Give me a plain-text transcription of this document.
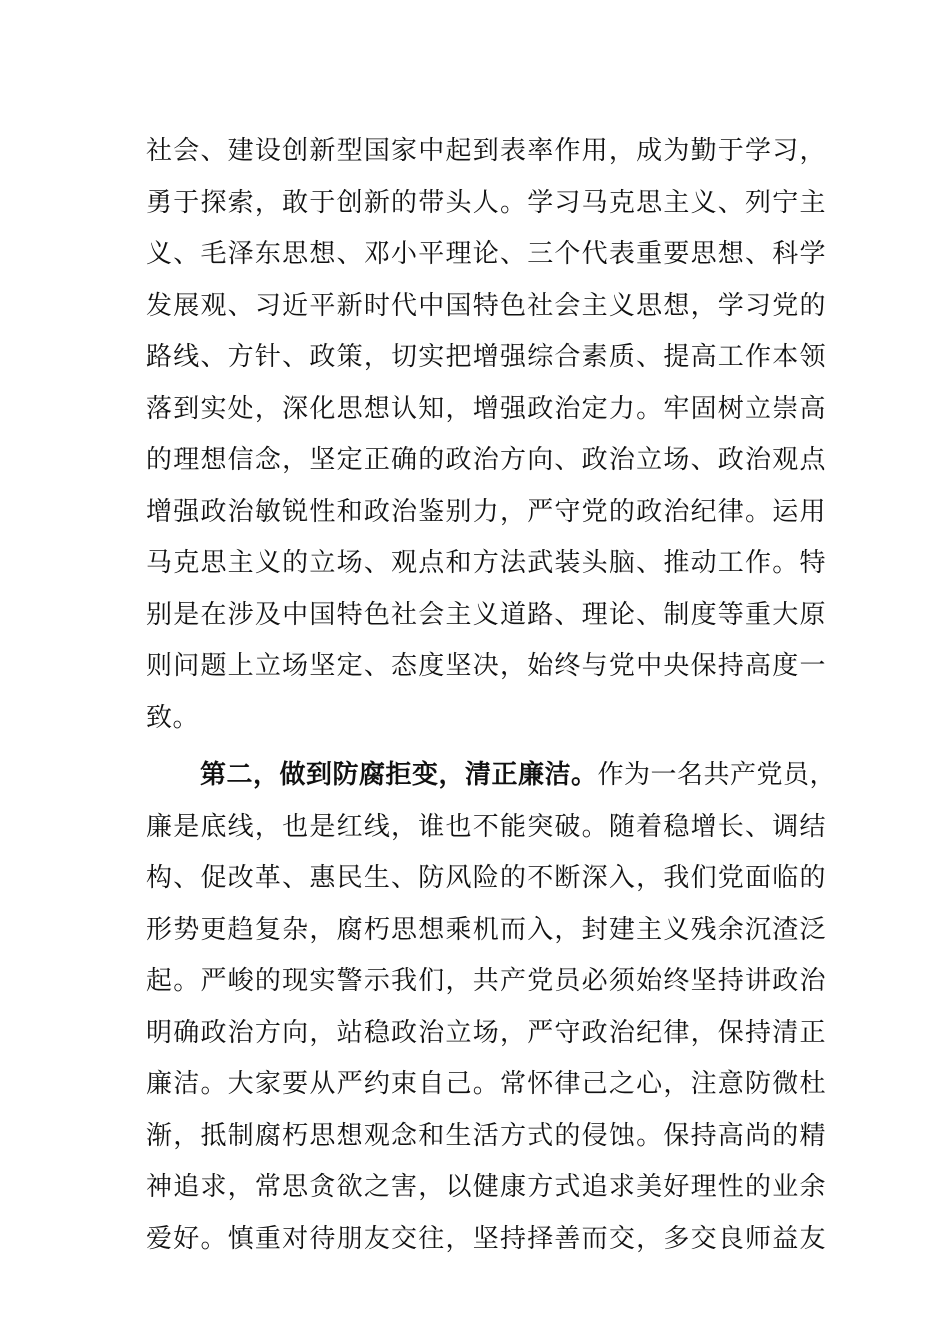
社会、建设创新型国家中起到表率作用，成为勤于学习，
勇于探索，敢于创新的带头人。学习马克思主义、列宁主
义、毛泽东思想、邓小平理论、三个代表重要思想、科学
发展观、习近平新时代中国特色社会主义思想，学习党的
路线、方针、政策，切实把增强综合素质、提高工作本领
落到实处，深化思想认知，增强政治定力。牢固树立崇高
的理想信念，坚定正确的政治方向、政治立场、政治观点
增强政治敏锐性和政治鉴别力，严守党的政治纪律。运用
马克思主义的立场、观点和方法武装头脑、推动工作。特
别是在涉及中国特色社会主义道路、理论、制度等重大原
则问题上立场坚定、态度坚决，始终与党中央保持高度一
致。
第二，做到防腐拒变，清正廉洁。作为一名共产党员，
廉是底线，也是红线，谁也不能突破。随着稳增长、调结
构、促改革、惠民生、防风险的不断深入，我们党面临的
形势更趋复杂，腐朽思想乘机而入，封建主义残余沉渣泛
起。严峻的现实警示我们，共产党员必须始终坚持讲政治
明确政治方向，站稳政治立场，严守政治纪律，保持清正
廉洁。大家要从严约束自己。常怀律己之心，注意防微杜
渐，抵制腐朽思想观念和生活方式的侵蚀。保持高尚的精
神追求，常思贪欲之害，以健康方式追求美好理性的业余
爱好。慎重对待朋友交往，坚持择善而交，多交良师益友
